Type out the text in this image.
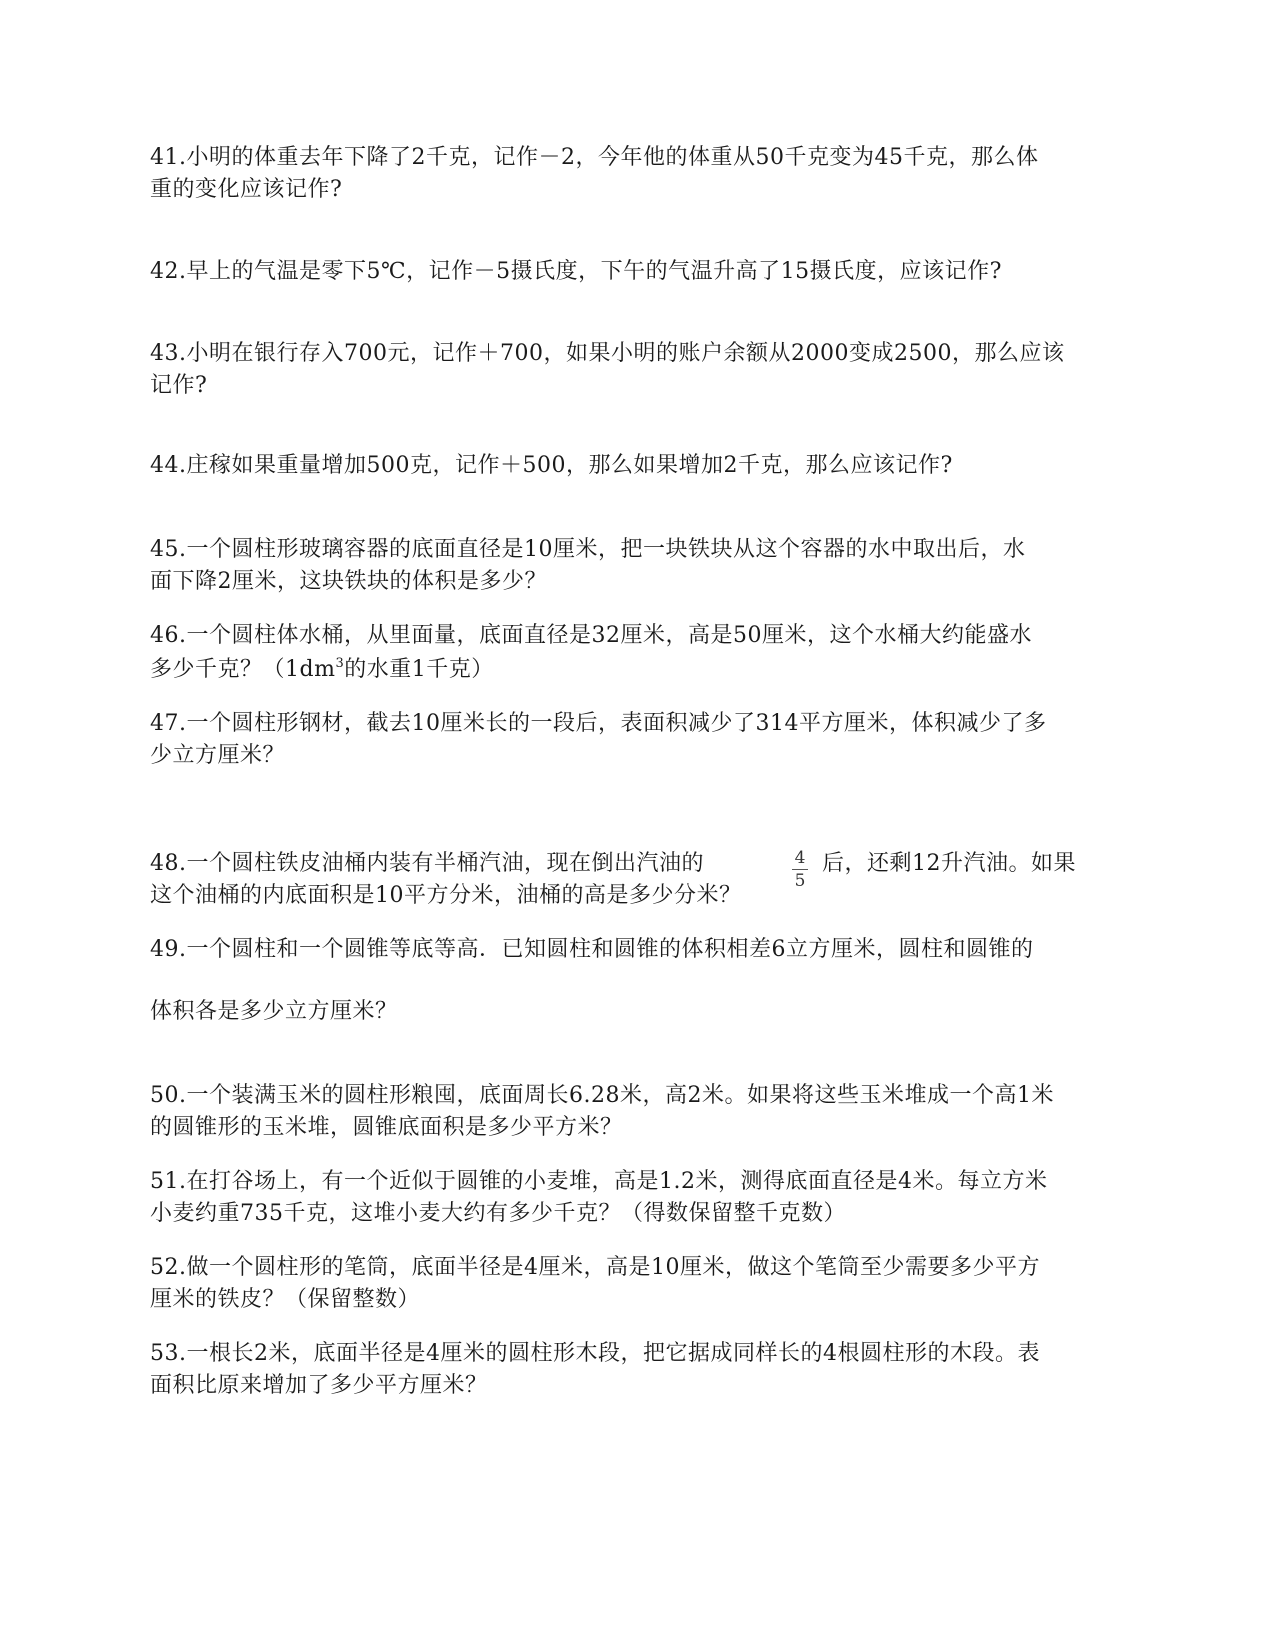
41.小明的体重去年下降了2千克，记作－2，今年他的体重从50千克变为45千克，那么体
重的变化应该记作?
42.早上的气温是零下5℃，记作－5摄氏度，下午的气温升高了15摄氏度，应该记作?
43.小明在银行存入700元，记作＋700，如果小明的账户余额从2000变成2500，那么应该
记作?
44.庄稼如果重量增加500克，记作＋500，那么如果增加2千克，那么应该记作?
45.一个圆柱形玻璃容器的底面直径是10厘米，把一块铁块从这个容器的水中取出后，水
面下降2厘米，这块铁块的体积是多少？
46.一个圆柱体水桶，从里面量，底面直径是32厘米，高是50厘米，这个水桶大约能盛水
多少千克？（$1dm^3$的水重1千克）
47.一个圆柱形钢材，截去10厘米长的一段后，表面积减少了314平方厘米，体积减少了多
少立方厘米？
48.一个圆柱铁皮油桶内装有半桶汽油，现在倒出汽油的	4
5
后，还剩12升汽油。如果
这个油桶的内底面积是10平方分米，油桶的高是多少分米？
49.一个圆柱和一个圆锥等底等高．已知圆柱和圆锥的体积相差6立方厘米，圆柱和圆锥的
体积各是多少立方厘米？
50.一个装满玉米的圆柱形粮囤，底面周长6.28米，高2米。如果将这些玉米堆成一个高1米
的圆锥形的玉米堆，圆锥底面积是多少平方米？
51.在打谷场上，有一个近似于圆锥的小麦堆，高是1.2米，测得底面直径是4米。每立方米
小麦约重735千克，这堆小麦大约有多少千克？（得数保留整千克数）
52.做一个圆柱形的笔筒，底面半径是4厘米，高是10厘米，做这个笔筒至少需要多少平方
厘米的铁皮？（保留整数）
53.一根长2米，底面半径是4厘米的圆柱形木段，把它据成同样长的4根圆柱形的木段。表
面积比原来增加了多少平方厘米？
